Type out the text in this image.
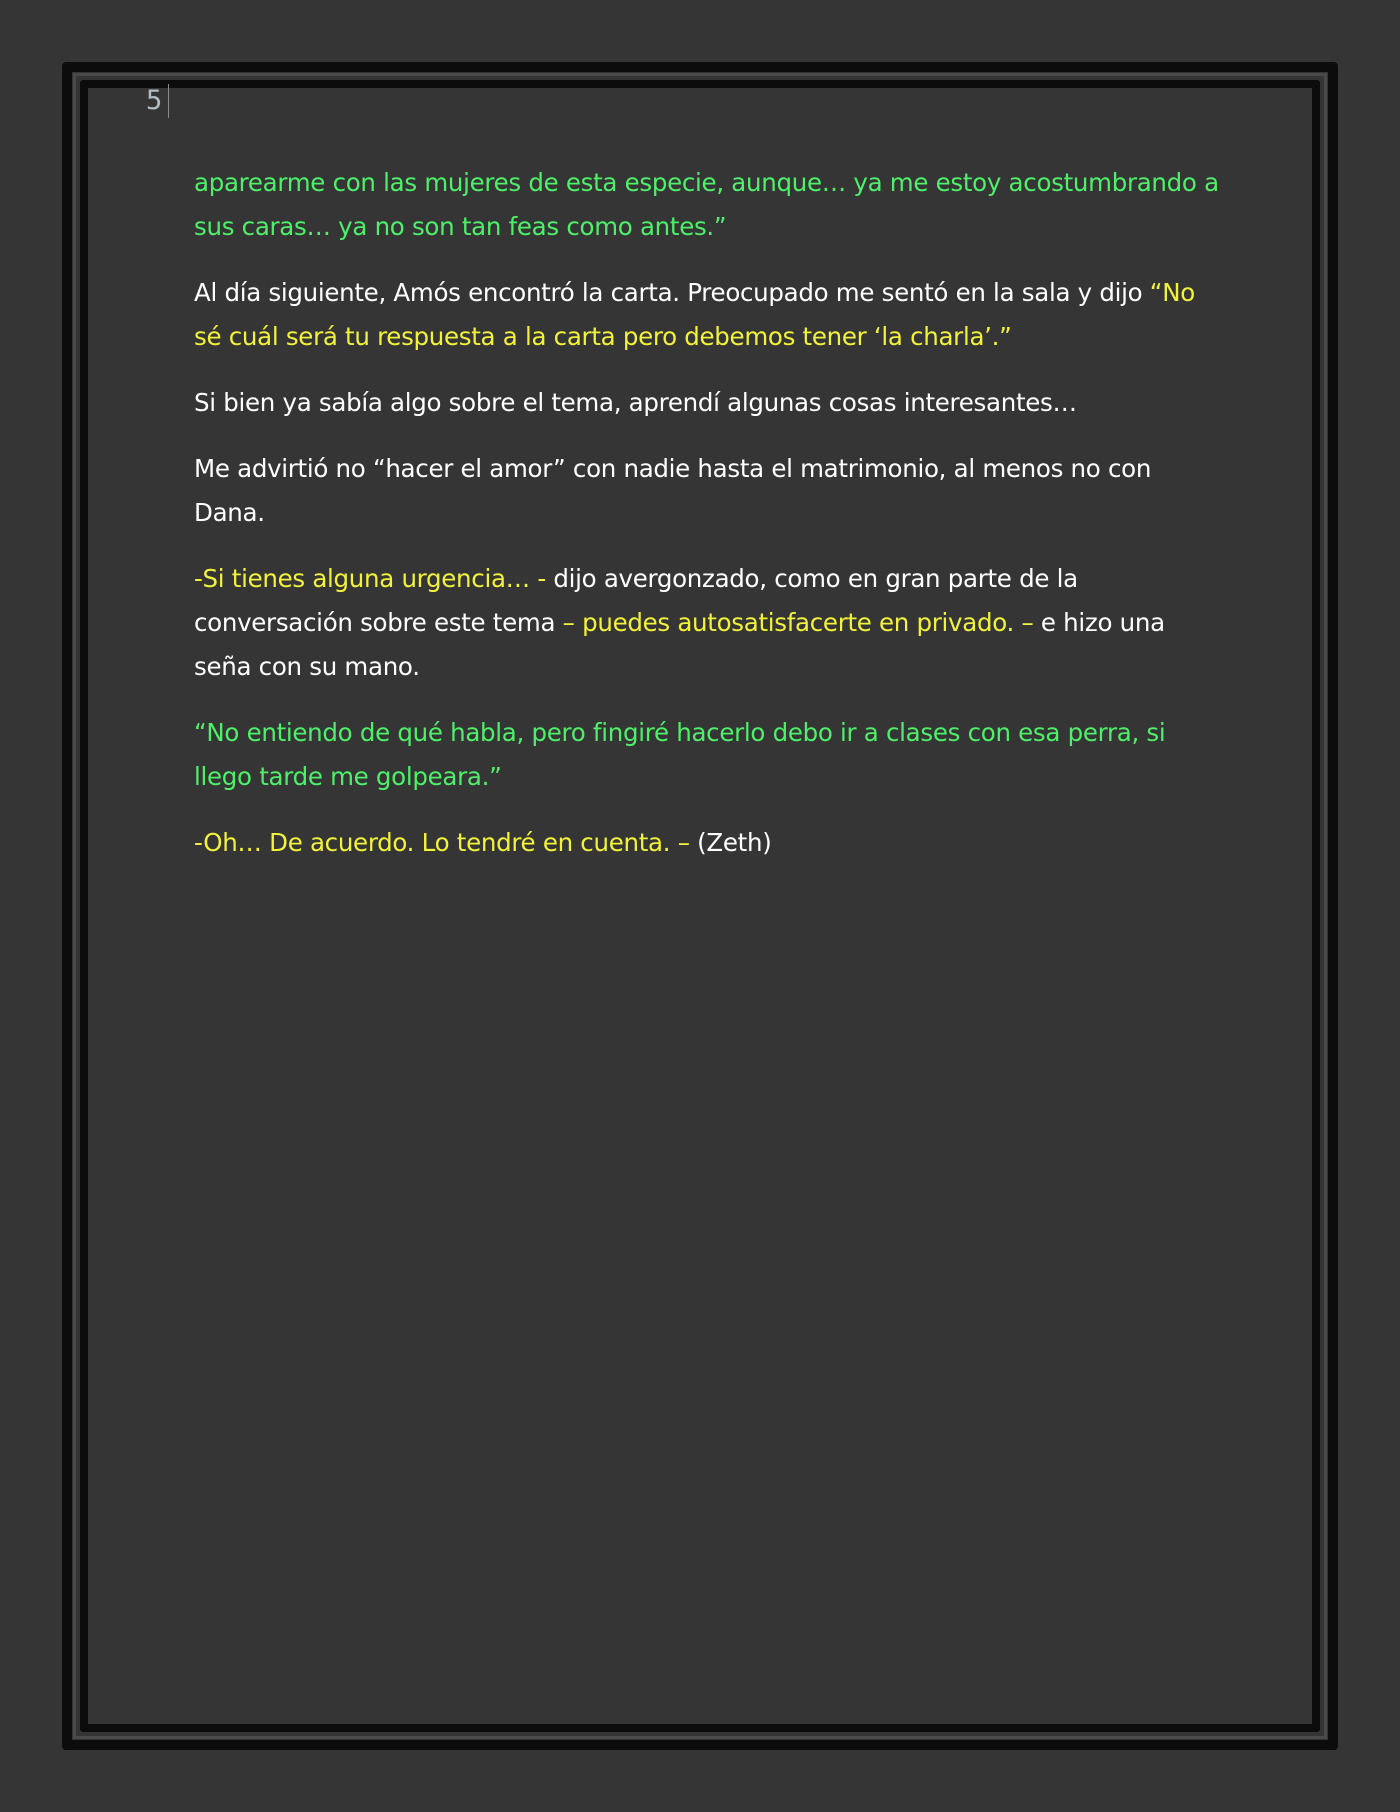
5

aparearme con las mujeres de esta especie, aunque… ya me estoy acostumbrando a sus caras… ya no son tan feas como antes.”

Al día siguiente, Amós encontró la carta. Preocupado me sentó en la sala y dijo “No sé cuál será tu respuesta a la carta pero debemos tener ‘la charla’.”

Si bien ya sabía algo sobre el tema, aprendí algunas cosas interesantes…

Me advirtió no “hacer el amor” con nadie hasta el matrimonio, al menos no con Dana.

-Si tienes alguna urgencia… - dijo avergonzado, como en gran parte de la conversación sobre este tema – puedes autosatisfacerte en privado. – e hizo una seña con su mano.

“No entiendo de qué habla, pero fingiré hacerlo debo ir a clases con esa perra, si llego tarde me golpeara.”

-Oh… De acuerdo. Lo tendré en cuenta. – (Zeth)
